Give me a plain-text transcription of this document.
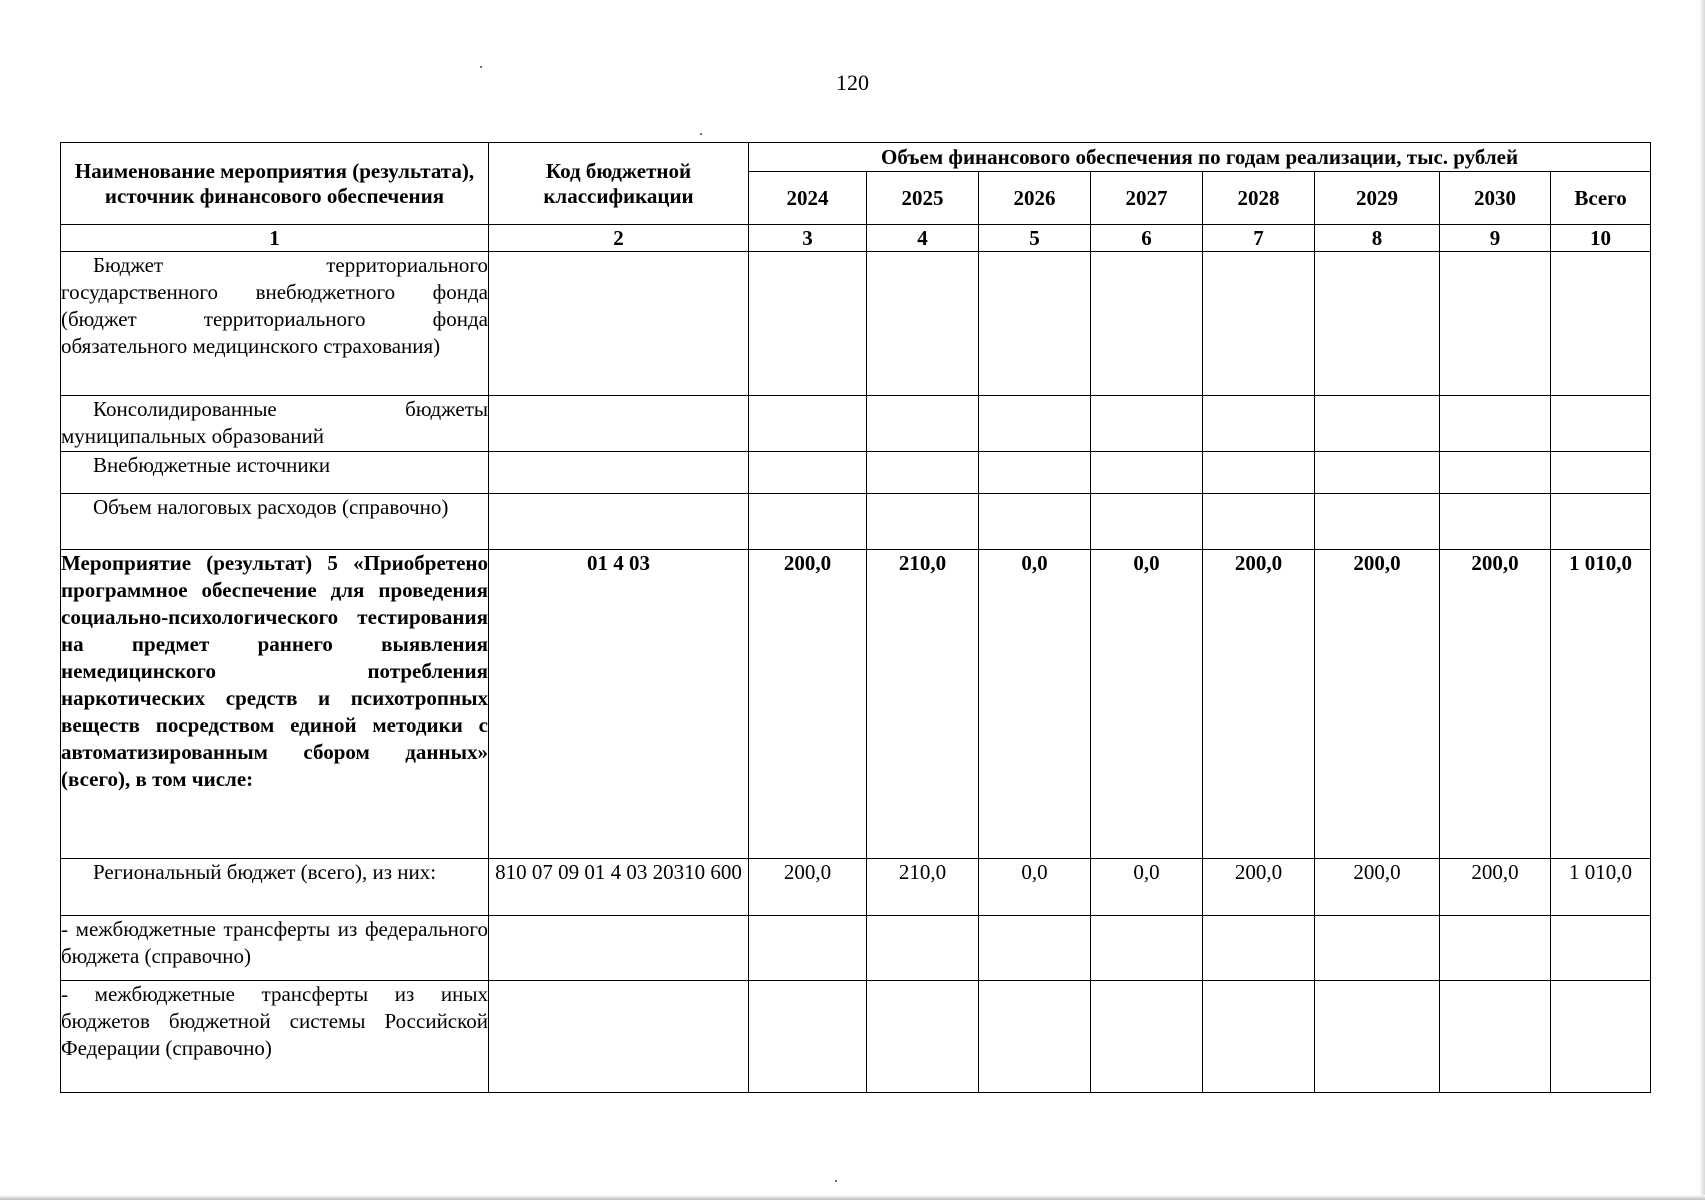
120
Наименование мероприятия (результата), источник финансового обеспечения	Код бюджетной классификации	Объем финансового обеспечения по годам реализации, тыс. рублей							
		2024	2025	2026	2027	2028	2029	2030	Всего
1	2	3	4	5	6	7	8	9	10
Бюджет территориального государственного внебюджетного фонда (бюджет территориального фонда обязательного медицинского страхования)									
Консолидированные бюджеты муниципальных образований									
Внебюджетные источники									
Объем налоговых расходов (справочно)									
Мероприятие (результат) 5 «Приобретено программное обеспечение для проведения социально-психологического тестирования на предмет раннего выявления немедицинского потребления наркотических средств и психотропных веществ посредством единой методики с автоматизированным сбором данных» (всего), в том числе:	01 4 03	200,0	210,0	0,0	0,0	200,0	200,0	200,0	1 010,0
Региональный бюджет (всего), из них:	810 07 09 01 4 03 20310 600	200,0	210,0	0,0	0,0	200,0	200,0	200,0	1 010,0
- межбюджетные трансферты из федерального бюджета (справочно)									
- межбюджетные трансферты из иных бюджетов бюджетной системы Российской Федерации (справочно)									
